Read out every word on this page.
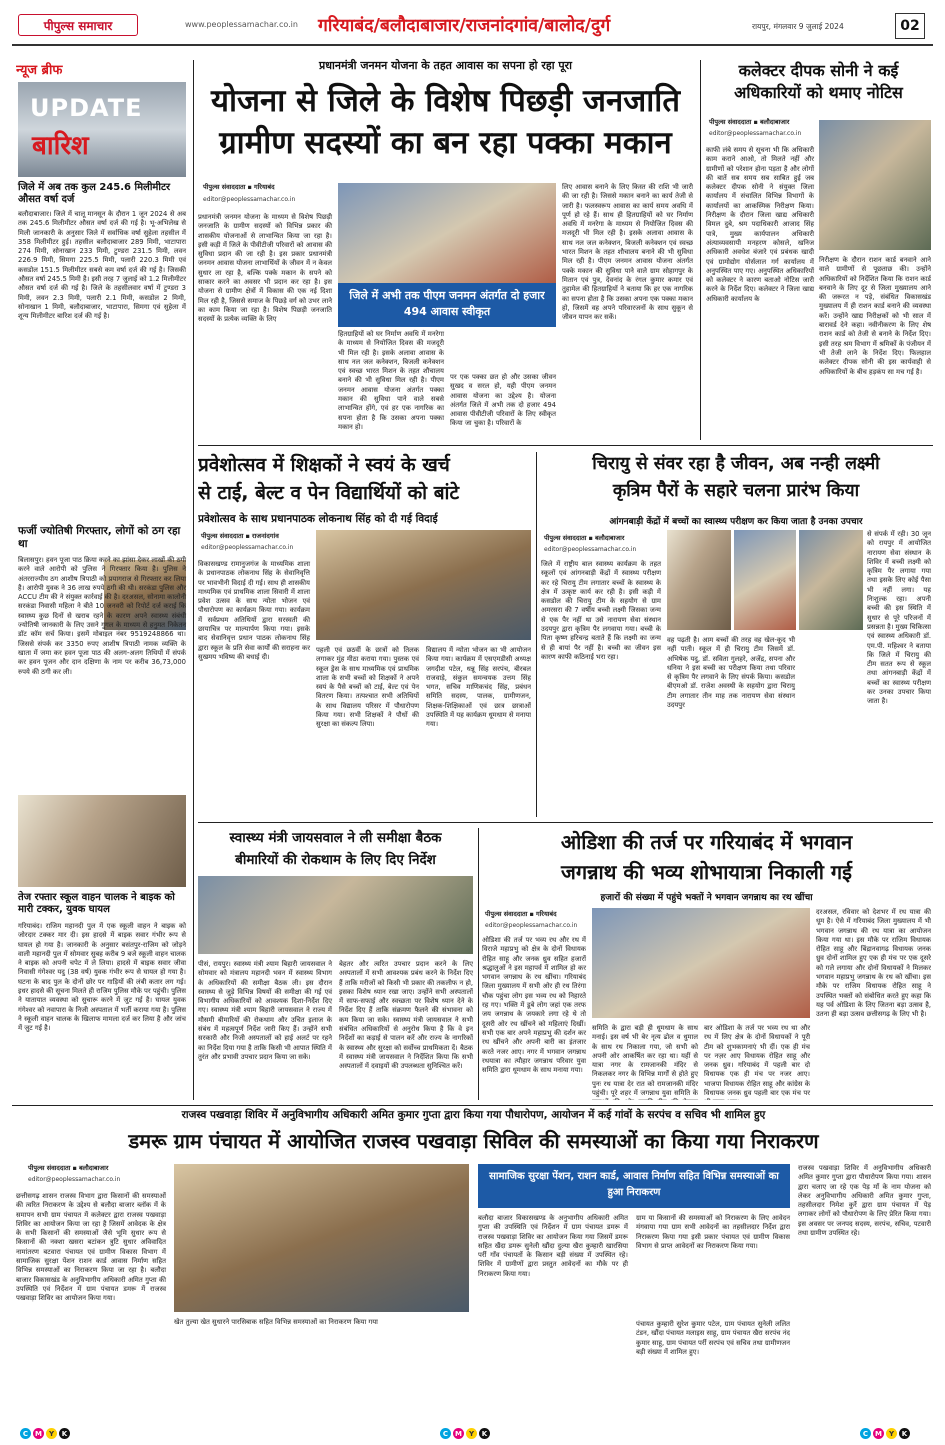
पीपुल्स समाचार	www.peoplessamachar.co.in गरियाबंद/बलौदाबाजार/राजनांदगांव/बालोद/दुर्ग	रायपुर, मंगलवार 9 जुलाई 2024	02
न्यूज ब्रीफ
UPDATE
बारिश
जिले में अब तक कुल 245.6 मिलीमीटर औसत वर्षा दर्ज
बलौदाबाजार। जिले में चालू मानसून के दौरान 1 जून 2024 से अब तक 245.6 मिलीमीटर औसत वर्षा दर्ज की गई है। भू-अभिलेख से मिली जानकारी के अनुसार जिले में सर्वाधिक वर्षा सुहेला तहसील में 358 मिलीमीटर हुई। तहसील बलौदाबाजार 289 मिमी, भाटापारा 274 मिमी, सोनाखान 233 मिमी, टुण्डरा 231.5 मिमी, लवन 226.9 मिमी, सिमगा 225.5 मिमी, पलारी 220.3 मिमी एवं कसडोल 151.5 मिलीमीटर सबसे कम वर्षा दर्ज की गई है। जिसकी औसत वर्षा 245.5 मिमी है। इसी तरह 7 जुलाई को 1.2 मिलीमीटर औसत वर्षा दर्ज की गई है। जिले के तहसीलवार वर्षा में टुण्डरा 3 मिमी, लवन 2.3 मिमी, पलारी 2.1 मिमी, कसडोल 2 मिमी, सोनाखान 1 मिमी, बलौदाबाजार, भाटापारा, सिमगा एवं सुहेला में शून्य मिलीमीटर बारिश दर्ज की गई है।
फर्जी ज्योतिषी गिरफ्तार, लोगों को ठग रहा था
बिलासपुर। हवन पूजा पाठ क्रिया करने का झांसा देकर लाखों की ठगी करने वाले आरोपी को पुलिस ने गिरफ्तार किया है। पुलिस ने अंतरराज्यीय ठग आशीष त्रिपाठी को प्रयागराज से गिरफ्तार कर लिया है। आरोपी युवक ने 36 लाख रुपये ठगी की थी। सरकंडा पुलिस और ACCU टीम की ने संयुक्त कार्रवाई की है। दरअसल, सोनामा कालोनी सरकंडा निवासी महिला ने बीते 10 जनवरी को रिपोर्ट दर्ज कराई कि स्वास्थ्य कुछ दिनों से खराब रहने के कारण अपने स्वास्थ्य संबंधी ज्योतिषी जानकारी के लिए उसने गुगल के माध्यम से हनुमत निकेतन डॉट कॉम सर्च किया। इसमें मोबाइल नंबर 9519248866 था। जिससे संपर्क कर 3350 रुपए आशीष त्रिपाठी नामक व्यक्ति के खाता में जमा कर हवन पूजा पाठ की अलग-अलग तिथियों में संपर्क कर हवन पूजन और दान दक्षिणा के नाम पर करीब 36,73,000 रुपये की ठगी कर ली।
तेज रफ्तार स्कूल वाहन चालक ने बाइक को मारी टक्कर, युवक घायल
गरियाबंद। राजिम महानदी पुल में एक स्कूली वाहन ने बाइक को जोरदार टक्कर मार दी। इस हादसे में बाइक सवार गंभीर रूप से घायल हो गया है। जानकारी के अनुसार बसंतपुर-राजिम को जोड़ने वाली महानदी पुल में सोमवार सुबह करीब 9 बजे स्कूली वाहन चालक ने बाइक को अपनी चपेट में ले लिया। हादसे में बाइक सवार जीवा निवासी गंगेश्वर यदु (38 वर्ष) युवक गंभीर रूप से घायल हो गया है। घटना के बाद पुल के दोनों छोर पर गाड़ियों की लंबी कतार लग गई। इधर हादसे की सूचना मिलते ही राजिम पुलिस मौके पर पहुंची। पुलिस ने यातायात व्यवस्था को सुचारू करने में जुट गई है। घायल युवक गंगेश्वर को नवापारा के निजी अस्पताल में भर्ती कराया गया है। पुलिस ने स्कूली वाहन चालक के खिलाफ मामला दर्ज कर लिया है और जांच में जुट गई है।
प्रधानमंत्री जनमन योजना के तहत आवास का सपना हो रहा पूरा
योजना से जिले के विशेष पिछड़ी जनजाति
ग्रामीण सदस्यों का बन रहा पक्का मकान
पीपुल्स संवाददाता ▪ गरियाबंद
editor@peoplessamachar.co.in
प्रधानमंत्री जनमन योजना के माध्यम से विशेष पिछड़ी जनजाति के ग्रामीण सदस्यों को विभिन्न प्रकार की शासकीय योजनाओं से लाभान्वित किया जा रहा है। इसी कड़ी में जिले के पीवीटीजी परिवारों को आवास की सुविधा प्रदान की जा रही है। इस प्रकार प्रधानमंत्री जनमन आवास योजना लाभार्थियों के जीवन में न केवल सुधार ला रहा है, बल्कि पक्के मकान के सपने को साकार करने का अवसर भी प्रदान कर रहा है। इस योजना से ग्रामीण क्षेत्रों में विकास की एक नई दिशा मिल रही है, जिससे समाज के पिछड़े वर्ग को उभर लाने का काम किया जा रहा है। विशेष पिछड़ी जनजाति सदस्यों के प्रत्येक व्यक्ति के लिए
जिले में अभी तक पीएम जनमन अंतर्गत दो हजार 494 आवास स्वीकृत
हितग्राहियों को घर निर्माण अवधि में मनरेगा के माध्यम से नियोजित दिवस की मजदूरी भी मिल रही है। इसके अलावा आवास के साथ नल जल कनेक्शन, बिजली कनेक्शन एवं स्वच्छ भारत मिशन के तहत शौचालय बनाने की भी सुविधा मिल रही है। पीएम जनमन आवास योजना अंतर्गत पक्का मकान की सुविधा पाने वाले सबसे लाभान्वित होंगे, एवं हर एक नागरिक का सपना होता है कि उसका अपना पक्का मकान हो।
पर एक पक्का छत हो और उसका जीवन सुखद व सरल हो, यही पीएम जनमन आवास योजना का उद्देश्य है। योजना अंतर्गत जिले में अभी तक दो हजार 494 आवास पीवीटीजी परिवारों के लिए स्वीकृत किया जा चुका है। परिवारों के
लिए आवास बनाने के लिए किस्त की राशि भी जारी की जा रही है। जिससे मकान बनाने का कार्य तेजी से जारी है। फलस्वरूप आवास का कार्य समय अवधि में पूर्ण हो रहे हैं। साथ ही हितग्राहियों को घर निर्माण अवधि में मनरेगा के माध्यम से नियोजित दिवस की मजदूरी भी मिल रही है। इसके अलावा आवास के साथ नल जल कनेक्शन, बिजली कनेक्शन एवं स्वच्छ भारत मिशन के तहत शौचालय बनाने की भी सुविधा मिल रही है। पीएम जनमन आवास योजना अंतर्गत पक्के मकान की सुविधा पाने वाले ग्राम सोहागपुर के मितान एवं पुत्र, देवनांद के रंगल कुमार कमार एवं तुहामेल की हितग्राहियों ने बताया कि हर एक नागरिक का सपना होता है कि उसका अपना एक पक्का मकान हो, जिसमें वह अपने परिवारजनों के साथ सुकून से जीवन यापन कर सकें।
कलेक्टर दीपक सोनी ने कई अधिकारियों को थमाए नोटिस
पीपुल्स संवाददाता ▪ बलौदाबाजार
editor@peoplessamachar.co.in
काफी लंबे समय से सूचना भी कि अधिकारी काम कराने आओ, तो मिलते नहीं और ग्रामीणों को परेशान होना पड़ता है और लोगों की बातें सब समय सब साबित हुई जब कलेक्टर दीपक सोनी ने संयुक्त जिला कार्यालय में संचालित विभिन्न विभागों के कार्यालयों का आकस्मिक निरीक्षण किया। निरीक्षण के दौरान जिला खाद्य अधिकारी विमल दुबे, श्रम पदाधिकारी आजाद सिंह पात्रे, मुख्य कार्यपालन अधिकारी अंत्याव्यवसायी मनहरण कोसले, खनिज अधिकारी अवधेश बंजारे एवं प्रबंधक खादी एवं ग्रामोद्योग योर्सलाल गर्ग कार्यालय में अनुपस्थित पाए गए। अनुपस्थित अधिकारियों को कलेक्टर ने कारण बताओ नोटिस जारी करने के निर्देश दिए। कलेक्टर ने जिला खाद्य अधिकारी कार्यालय के
निरीक्षण के दौरान राशन कार्ड बनवाने आने वाले ग्रामीणों से पूछताछ की। उन्होंने अधिकारियों को निर्देशित किया कि राशन कार्ड बनवाने के लिए दूर से जिला मुख्यालय आने की जरूरत न पड़े, संबंधित विकासखंड मुख्यालय में ही राशन कार्ड बनाने की व्यवस्था करें। उन्होंने खाद्य निरीक्षकों को भी साल में बारावर्ड देने कहा। नवीनीकरण के लिए शेष राशन कार्ड को तेजी से बनाने के निर्देश दिए। इसी तरह श्रम विभाग में श्रमिकों के पंजीयन में भी तेजी लाने के निर्देश दिए। फिलहाल कलेक्टर दीपक सोनी की इस कार्यवाही से अधिकारियों के बीच हड़कंप सा मच गई है।
प्रवेशोत्सव में शिक्षकों ने स्वयं के खर्च
से टाई, बेल्ट व पेन विद्यार्थियों को बांटे
प्रवेशोत्सव के साथ प्रधानपाठक लोकनाथ सिंह को दी गई विदाई
पीपुल्स संवाददाता ▪ राजनांदगांव
editor@peoplessamachar.co.in
विकासखण्ड रामानुजगंज के माध्यमिक शाला के प्रधानपाठक लोकनाथ सिंह के सेवानिवृत्ति पर भावभीनी विदाई दी गई। साथ ही शासकीय माध्यमिक एवं प्राथमिक शाला सिवारी में शाला प्रवेश उत्सव के साथ न्योता भोजन एवं पौधारोपण का कार्यक्रम किया गया। कार्यक्रम में सर्वप्रथम अतिथियों द्वारा सरस्वती की छायाचित्र पर माल्यार्पण किया गया। इसके बाद सेवानिवृत्त प्रधान पाठक लोकनाथ सिंह द्वारा स्कूल के प्रति सेवा कार्यों की सराहना कर सुखमय भविष्य की बधाई दी।
पहली एवं छठवीं के छात्रों को तिलक लगाकर मुंह मीठा कराया गया। पुस्तक एवं स्कूल ड्रेस के साथ माध्यमिक एवं प्राथमिक शाला के सभी बच्चों को शिक्षकों ने अपने स्वयं के पैसे बच्चों को टाई, बेल्ट एवं पेन वितरण किया। तत्पश्चात सभी अतिथियों के साथ विद्यालय परिसर में पौधारोपण किया गया। सभी शिक्षकों ने पौधों की सुरक्षा का संकल्प लिया।
विद्यालय में न्योता भोजन का भी आयोजन किया गया। कार्यक्रम में एसएमडीसी अध्यक्ष जगदीश पटेल, धन्नू सिंह सरपंच, बीरबल राजवाड़े, संकुल समन्वयक उत्तम सिंह भगत, सचिव माणिकचंद सिंह, प्रबंधन समिति सदस्य, पालक, ग्रामीणजन, शिक्षक-शिक्षिकाओं एवं छात्र छात्राओं उपस्थिति में यह कार्यक्रम धूमधाम से मनाया गया।
चिरायु से संवर रहा है जीवन, अब नन्ही लक्ष्मी
कृत्रिम पैरों के सहारे चलना प्रारंभ किया
आंगनबाड़ी केंद्रों में बच्चों का स्वास्थ्य परीक्षण कर किया जाता है उनका उपचार
पीपुल्स संवाददाता ▪ बलौदाबाजार
editor@peoplessamachar.co.in
जिले में राष्ट्रीय बाल स्वास्थ्य कार्यक्रम के तहत स्कूलों एवं आंगनबाड़ी केंद्रों में स्वास्थ्य परीक्षण कर रहे चिरायु टीम लगातार बच्चों के स्वास्थ्य के क्षेत्र में उत्कृष्ट कार्य कर रही है। इसी कड़ी में कसडोल की चिरायु टीम के सहयोग से ग्राम अमरसरा की 7 वर्षीय बच्ची लक्ष्मी जिसका जन्म से एक पैर नहीं था उसे नारायण सेवा संस्थान उदयपुर द्वारा कृत्रिम पैर लगवाया गया। बच्ची के पिता कृष्ण हरिचन्द्र बताते हैं कि लक्ष्मी का जन्म से ही बायां पैर नहीं है। बच्ची का जीवन इस कारण काफी कठिनाई भरा रहा।
वह पढ़ती है। आम बच्चों की तरह वह खेल-कूद भी नहीं पाती। स्कूल में ही चिरायु टीम जिसमें डॉ. अभिषेक यदु, डॉ. सविता गुलहरे, अजेंद्र, सपना और धनिया ने इस बच्ची का परीक्षण किया तथा परिवार से कृत्रिम पैर लगवाने के लिए संपर्क किया। कसडोल बीएमओ डॉ. राजेश अवस्थी के सहयोग द्वारा चिरायु टीम लगातार तीन माह तक नारायण सेवा संस्थान उदयपुर
से संपर्क में रही। 30 जून को रायपुर में आयोजित नारायण सेवा संस्थान के शिविर में बच्ची लक्ष्मी को कृत्रिम पैर लगाया गया तथा इसके लिए कोई पैसा भी नहीं लगा। यह निःशुल्क रहा। अपनी बच्ची की इस स्थिति में सुधार से पूरे परिजनों में प्रसन्नता है। मुख्य चिकित्सा एवं स्वास्थ्य अधिकारी डॉ. एम.पी. महिश्वर ने बताया कि जिले में चिरायु की टीम सतत रूप से स्कूल तथा आंगनबाड़ी केंद्रों में बच्चों का स्वास्थ्य परीक्षण कर उनका उपचार किया जाता है।
स्वास्थ्य मंत्री जायसवाल ने ली समीक्षा बैठक
बीमारियों की रोकथाम के लिए दिए निर्देश
पीसं, रायपुर। स्वास्थ्य मंत्री श्याम बिहारी जायसवाल ने सोमवार को मंत्रालय महानदी भवन में स्वास्थ्य विभाग के अधिकारियों की समीक्षा बैठक ली। इस दौरान स्वास्थ्य से जुड़े विभिन्न विषयों की समीक्षा की गई एवं विभागीय अधिकारियों को आवश्यक दिशा-निर्देश दिए गए। स्वास्थ्य मंत्री श्याम बिहारी जायसवाल ने राज्य में मौसमी बीमारियों की रोकथाम और उचित इलाज के संबंध में महत्वपूर्ण निर्देश जारी किए हैं। उन्होंने सभी सरकारी और निजी अस्पतालों को हाई अलर्ट पर रहने का निर्देश दिया गया है ताकि किसी भी आपात स्थिति में तुरंत और प्रभावी उपचार प्रदान किया जा सके।
बेहतर और त्वरित उपचार प्रदान करने के लिए अस्पतालों में सभी आवश्यक प्रबंध करने के निर्देश दिए हैं ताकि मरीजों को किसी भी प्रकार की तकलीफ न हो, इसका विशेष ध्यान रखा जाए। उन्होंने सभी अस्पतालों में साफ-सफाई और स्वच्छता पर विशेष ध्यान देने के निर्देश दिए हैं ताकि संक्रमण फैलने की संभावना को कम किया जा सके। स्वास्थ्य मंत्री जायसवाल ने सभी संबंधित अधिकारियों से अनुरोध किया है कि वे इन निर्देशों का कड़ाई से पालन करें और राज्य के नागरिकों के स्वास्थ्य और सुरक्षा को सर्वोच्च प्राथमिकता दें। बैठक में स्वास्थ्य मंत्री जायसवाल ने निर्देशित किया कि सभी अस्पतालों में दवाइयों की उपलब्धता सुनिश्चित करें।
ओडिशा की तर्ज पर गरियाबंद में भगवान
जगन्नाथ की भव्य शोभायात्रा निकाली गई
हजारों की संख्या में पहुंचे भक्तों ने भगवान जगन्नाथ का रथ खींचा
पीपुल्स संवाददाता ▪ गरियाबंद
editor@peoplessamachar.co.in
ओडिशा की तर्ज पर भव्य रथ और रथ में विराजे महाप्रभु को क्षेत्र के दोनों विधायक रोहित साहू और जनक ध्रुव सहित हजारों श्रद्धालुओं ने इस महापर्व में शामिल हो कर भगवान जगन्नाथ के रथ खींचा। गरियाबंद जिला मुख्यालय में सभी ओर ही रथ तिरंगा चौक पहुंचा लोग इस भव्य रथ को निहारते रह गए। भक्ति में डूबे लोग जहां एक तरफ जय जगन्नाथ के जयकारे लगा रहे थे तो दूसरी ओर रथ खींचने को महिलाएं दिखीं। सभी एक बार अपने महाप्रभु की दर्शन कर रथ खींचने और अपनी बारी का इंतजार करते नजर आए। नगर में भगवान जगन्नाथ रथयात्रा का त्यौहार जगन्नाथ परिवार युवा समिति द्वारा धूमधाम के साथ मनाया गया।
समिति के द्वारा बड़ी ही धूमधाम के साथ मनाई। इस वर्ष भी बेर नृत्य ढोल व धुमाल के साथ रथ निकाला गया, जो सभी को अपनी ओर आकर्षित कर रहा था। यहीं से यात्रा नगर के रामजानकी मंदिर से निकलकर नगर के विभिन्न मार्गों से होते हुए पुनः रथ यात्रा देर रात को रामजानकी मंदिर पहुंची। पूरे शहर में जगन्नाथ युवा समिति के
बार ओडिशा के तर्ज पर भव्य रथ था और रथ में लिए क्षेत्र के दोनों विधायकों ने पूरी टीम को शुभकामनाएं भी दीं। एक ही मंच पर नज़र आए विधायक रोहित साहू और जनक ध्रुव। गरियाबंद में पहली बार दो विधायक एक ही मंच पर नजर आए। भाजपा विधायक रोहित साहू और कांग्रेस के विधायक जनक ध्रुव पहली बार एक मंच पर
दरअसल, रविवार को देशभर में रथ यात्रा की धूम है। ऐसे में गरियाबंद जिला मुख्यालय में भी भगवान जगन्नाथ की रथ यात्रा का आयोजन किया गया था। इस मौके पर राजिम विधायक रोहित साहू और बिंद्रानवागढ़ विधायक जनक ध्रुव दोनों शामिल हुए एक ही मंच पर एक दूसरे को गले लगाया और दोनों विधायकों ने मिलकर भगवान महाप्रभु जगन्नाथ के रथ को खींचा। इस मौके पर राजिम विधायक रोहित साहू ने उपस्थित भक्तों को संबोधित करते हुए कहा कि यह पर्व ओडिशा के लिए जितना बड़ा उत्सव है, उतना ही बड़ा उत्सव छत्तीसगढ़ के लिए भी है।
राजस्व पखवाड़ा शिविर में अनुविभागीय अधिकारी अमित कुमार गुप्ता द्वारा किया गया पौधारोपण, आयोजन में कई गांवों के सरपंच व सचिव भी शामिल हुए
डमरू ग्राम पंचायत में आयोजित राजस्व पखवाड़ा सिविल की समस्याओं का किया गया निराकरण
पीपुल्स संवाददाता ▪ बलौदाबाजार
editor@peoplessamachar.co.in
छत्तीसगढ़ शासन राजस्व विभाग द्वारा किसानों की समस्याओं की त्वरित निराकरण के उद्देश्य से बलौदा बाजार ब्लॉक में के समापन सभी ग्राम पंचायत में कलेक्टर द्वारा राजस्व पखवाड़ा शिविर का आयोजन किया जा रहा है जिसमें आवेदक के क्षेत्र के सभी किसानों की समस्याओं जैसे भूमि सुधार रूप से किसानों की नक्शा खसरा बटांकन त्रुटि सुधार अविवादित नामांतरण बटवारा पंचायत एवं ग्रामीण विकास विभाग में सामाजिक सुरक्षा पेंशन राशन कार्ड आवास निर्माण सहित विभिन्न समस्याओं का निराकरण किया जा रहा है। बलौदा बाजार विकासखंड के अनुविभागीय अधिकारी अमित गुप्ता की उपस्थिति एवं निर्देशन में ग्राम पंचायत डमरू में राजस्व पखवाड़ा शिविर का आयोजन किया गया।
खेत तुल्या खेत सुधारने पारसिबाक सहित विभिन्न समस्याओं का निराकरण किया गया
सामाजिक सुरक्षा पेंशन, राशन कार्ड, आवास निर्माण सहित विभिन्न समस्याओं का हुआ निराकरण
बलौदा बाजार विकासखण्ड के अनुभागीय अधिकारी अमित गुप्ता की उपस्थिति एवं निर्देशन में ग्राम पंचायत डमरू में राजस्व पखवाड़ा शिविर का आयोजन किया गया जिसमें डमरू सहित खैंदा डमरू सुनेली खौंदा दुल्या खैरा कुम्हारी खारसिया पर्री गाँव पंचायतों के किसान बड़ी संख्या में उपस्थित रहे। शिविर में ग्रामीणों द्वारा प्रस्तुत आवेदनों का मौके पर ही निराकरण किया गया।
ग्राम या किसानों की समस्याओं को निराकरण के लिए आवेदन मंगवाया गया ग्राम सभी आवेदनों का तहसीलदार निर्देश द्वारा निराकरण किया गया इसी प्रकार पंचायत एवं ग्रामीण विकास विभाग से प्राप्त आवेदनों का निराकरण किया गया।
पंचायत कुम्हारी सुरेश कुमार पटेल, ग्राम पंचायत सुनेली ललित टंडन, खौंदा पंचायत मलाइस साहू, ग्राम पंचायत खैरा सरपंच नंद कुमार साहू, ग्राम पंचायत पर्री सरपंच एवं सचिव तथा ग्रामीणजन बड़ी संख्या में शामिल हुए।
राजस्व पखवाड़ा शिविर में अनुविभागीय अधिकारी अमित कुमार गुप्ता द्वारा पौधारोपण किया गया। शासन द्वारा चलाए जा रहे एक पेड़ माँ के नाम योजना को लेकर अनुविभागीय अधिकारी अमित कुमार गुप्ता, तहसीलदार निमेश कुर्रे द्वारा ग्राम पंचायत में पेड़ लगाकर लोगों को पौधारोपण के लिए प्रेरित किया गया। इस अवसर पर जनपद सदस्य, सरपंच, सचिव, पटवारी तथा ग्रामीण उपस्थित रहे।
C M Y	K	C M Y	K	C M Y	K
